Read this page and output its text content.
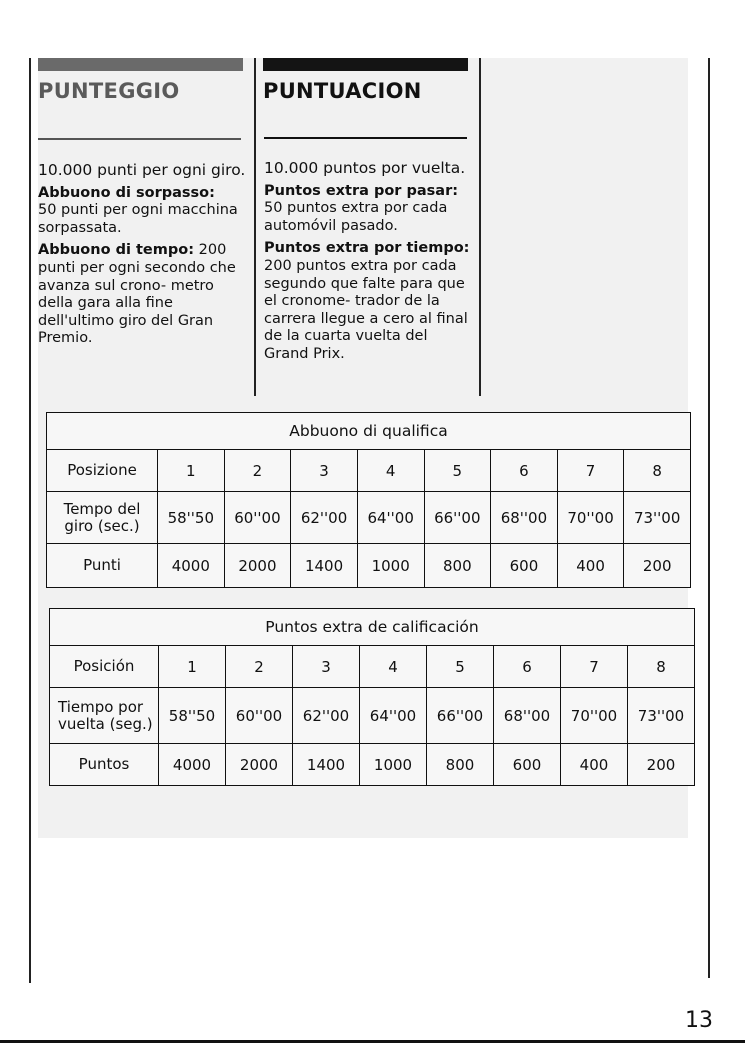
PUNTEGGIO

10.000 punti per ogni giro.

Abbuono di sorpasso:
50 punti per ogni macchina sorpassata.

Abbuono di tempo: 200 punti per ogni secondo che avanza sul crono- metro della gara alla fine dell'ultimo giro del Gran Premio.

PUNTUACION

10.000 puntos por vuelta.

Puntos extra por pasar:
50 puntos extra por cada automóvil pasado.

Puntos extra por tiempo:
200 puntos extra por cada segundo que falte para que el cronome- trador de la carrera llegue a cero al final de la cuarta vuelta del Grand Prix.

Abbuono di qualifica								
Posizione	1	2	3	4	5	6	7	8
Tempo del
giro (sec.)	58''50	60''00	62''00	64''00	66''00	68''00	70''00	73''00
Punti	4000	2000	1400	1000	800	600	400	200
Puntos extra de calificación								
Posición	1	2	3	4	5	6	7	8
Tiempo por
vuelta (seg.)	58''50	60''00	62''00	64''00	66''00	68''00	70''00	73''00
Puntos	4000	2000	1400	1000	800	600	400	200
13
